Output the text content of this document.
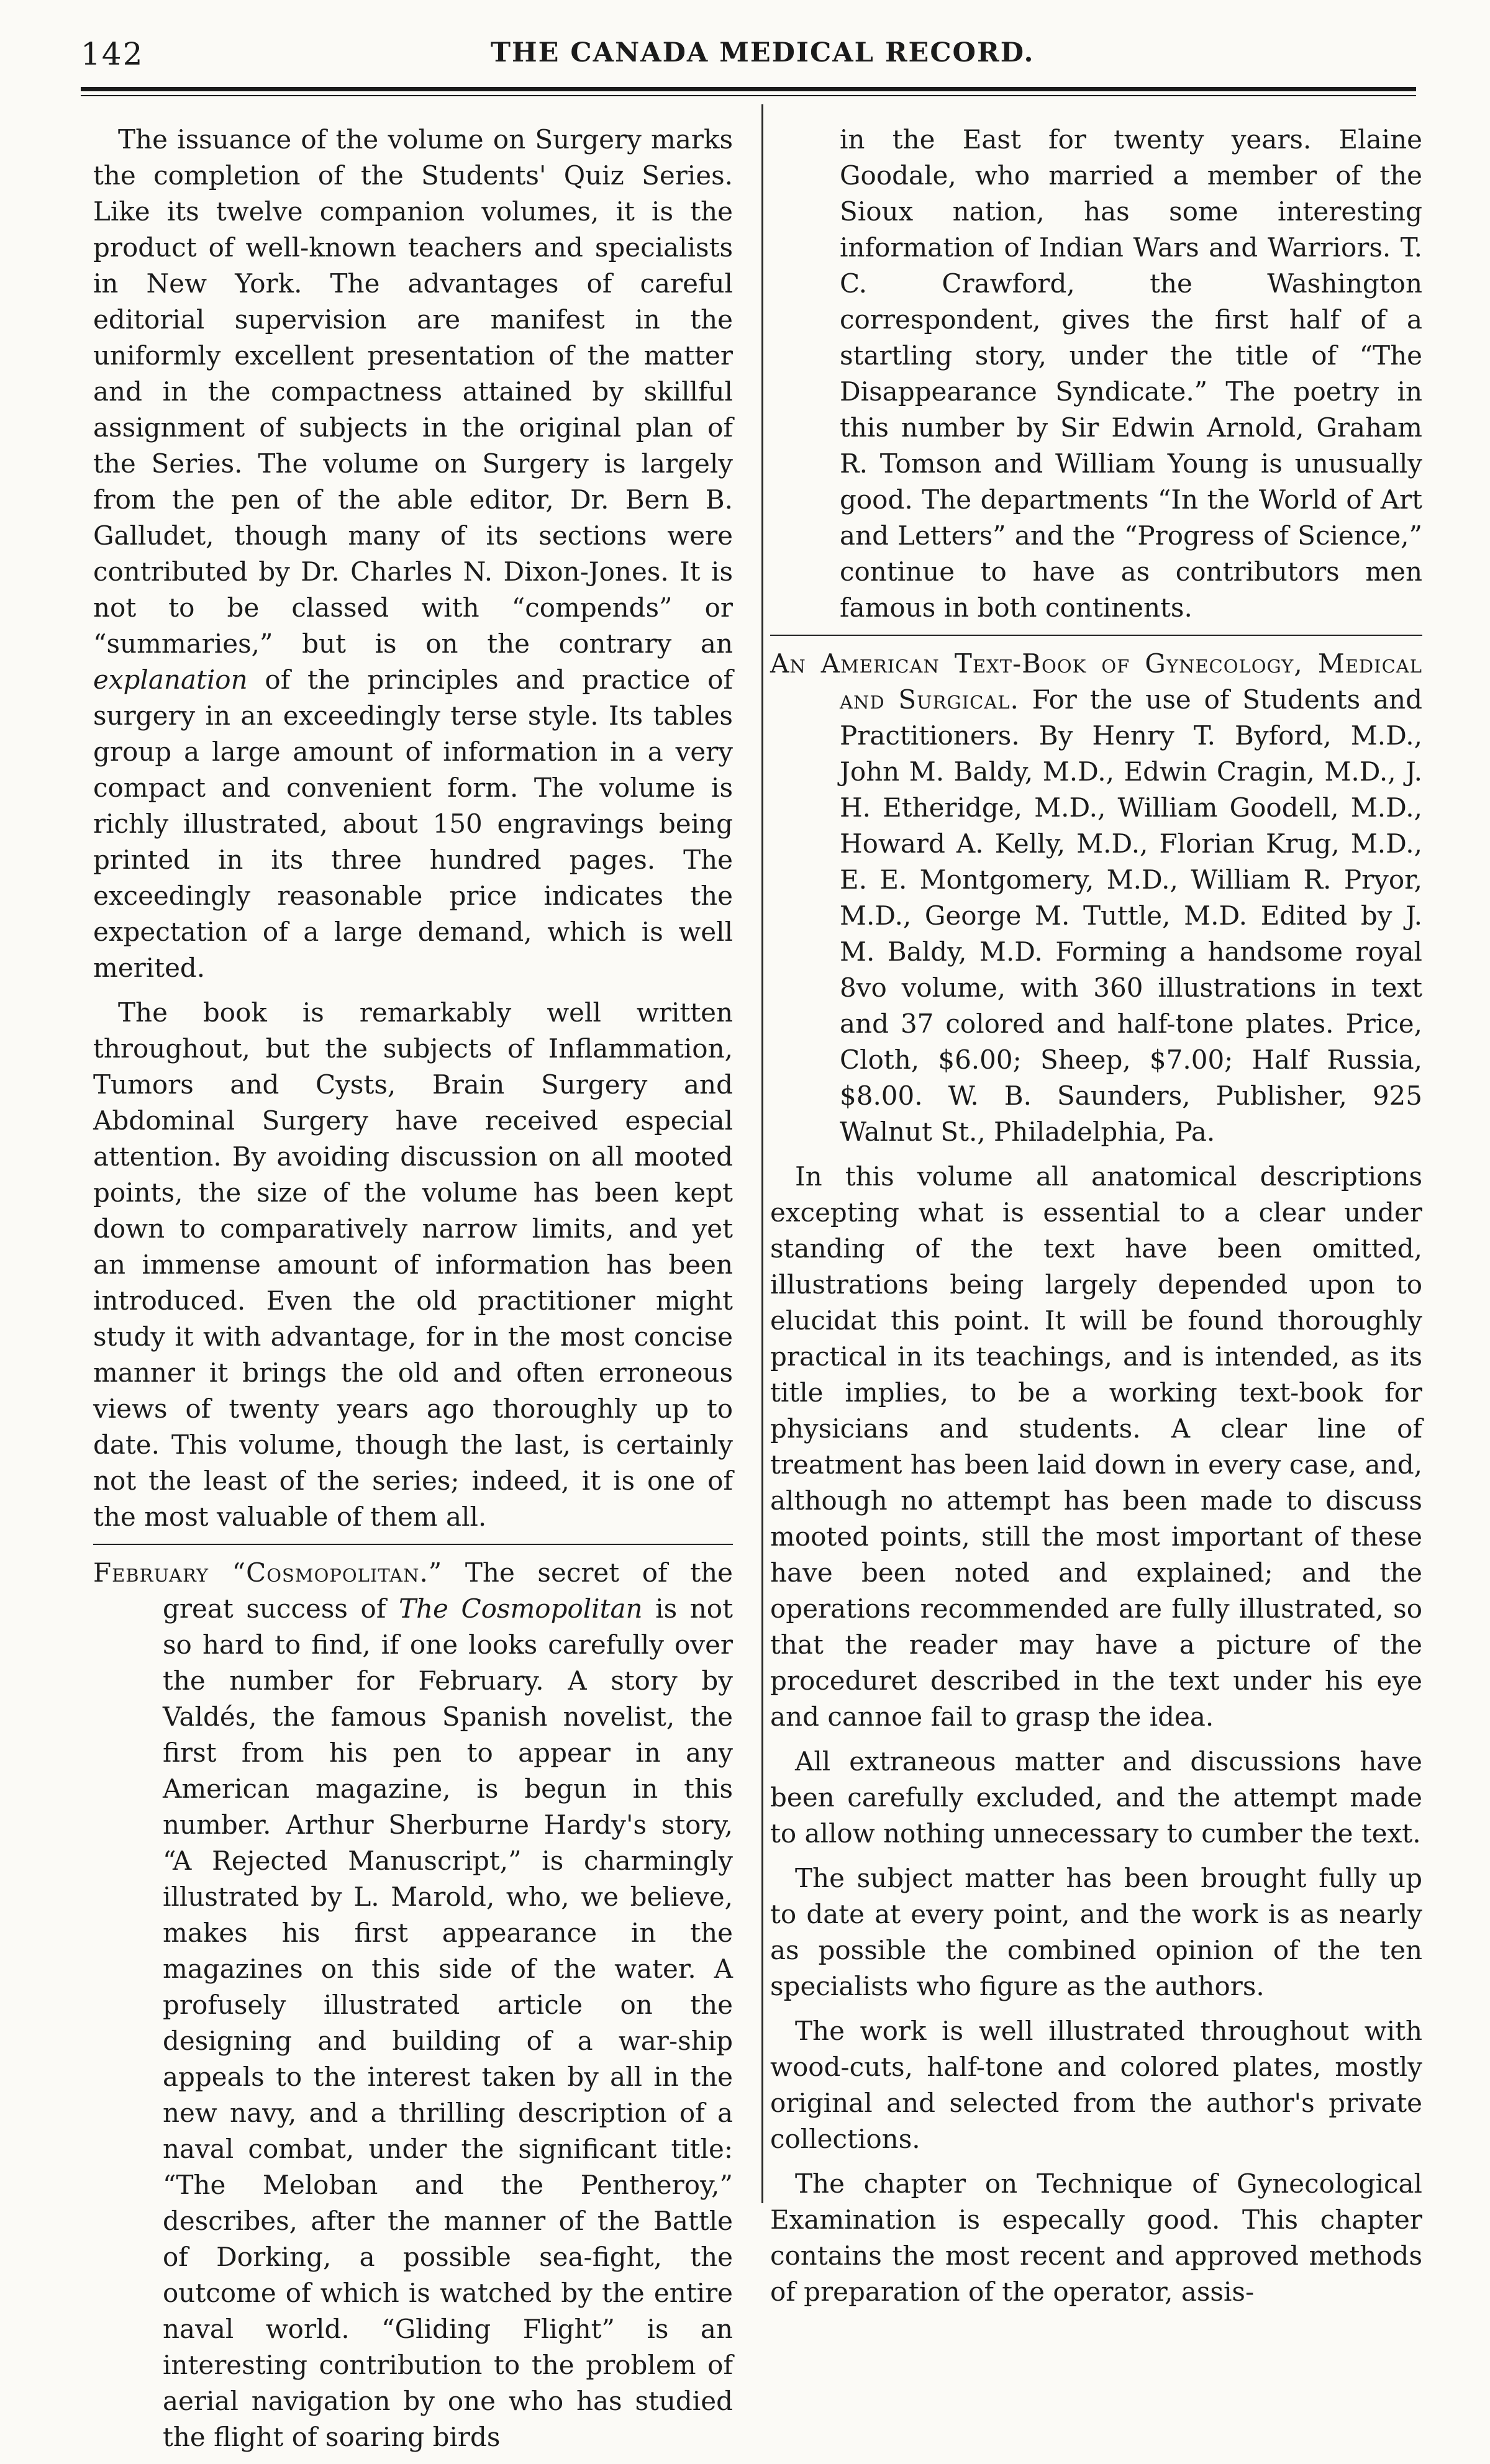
142	THE CANADA MEDICAL RECORD.

The issuance of the volume on Surgery marks the completion of the Students' Quiz Series. Like its twelve companion volumes, it is the product of well-known teachers and specialists in New York. The advantages of careful editorial supervision are manifest in the uniformly excellent presentation of the matter and in the compactness attained by skillful assignment of subjects in the original plan of the Series. The volume on Surgery is largely from the pen of the able editor, Dr. Bern B. Galludet, though many of its sections were contributed by Dr. Charles N. Dixon-Jones. It is not to be classed with “compends” or “summaries,” but is on the contrary an explanation of the principles and practice of surgery in an exceedingly terse style. Its tables group a large amount of information in a very compact and convenient form. The volume is richly illustrated, about 150 engravings being printed in its three hundred pages. The exceedingly reasonable price indicates the expectation of a large demand, which is well merited.

The book is remarkably well written throughout, but the subjects of Inflammation, Tumors and Cysts, Brain Surgery and Abdominal Surgery have received especial attention. By avoiding discussion on all mooted points, the size of the volume has been kept down to comparatively narrow limits, and yet an immense amount of information has been introduced. Even the old practitioner might study it with advantage, for in the most concise manner it brings the old and often erroneous views of twenty years ago thoroughly up to date. This volume, though the last, is certainly not the least of the series; indeed, it is one of the most valuable of them all.

February “Cosmopolitan.” The secret of the great success of The Cosmopolitan is not so hard to find, if one looks carefully over the number for February. A story by Valdés, the famous Spanish novelist, the first from his pen to appear in any American magazine, is begun in this number. Arthur Sherburne Hardy's story, “A Rejected Manuscript,” is charmingly illustrated by L. Marold, who, we believe, makes his first appearance in the magazines on this side of the water. A profusely illustrated article on the designing and building of a war-ship appeals to the interest taken by all in the new navy, and a thrilling description of a naval combat, under the significant title: “The Meloban and the Pentheroy,” describes, after the manner of the Battle of Dorking, a possible sea-fight, the outcome of which is watched by the entire naval world. “Gliding Flight” is an interesting contribution to the problem of aerial navigation by one who has studied the flight of soaring birds

in the East for twenty years. Elaine Goodale, who married a member of the Sioux nation, has some interesting information of Indian Wars and Warriors. T. C. Crawford, the Washington correspondent, gives the first half of a startling story, under the title of “The Disappearance Syndicate.” The poetry in this number by Sir Edwin Arnold, Graham R. Tomson and William Young is unusually good. The departments “In the World of Art and Letters” and the “Progress of Science,” continue to have as contributors men famous in both continents.

An American Text-Book of Gynecology, Medical and Surgical. For the use of Students and Practitioners. By Henry T. Byford, M.D., John M. Baldy, M.D., Edwin Cragin, M.D., J. H. Etheridge, M.D., William Goodell, M.D., Howard A. Kelly, M.D., Florian Krug, M.D., E. E. Montgomery, M.D., William R. Pryor, M.D., George M. Tuttle, M.D. Edited by J. M. Baldy, M.D. Forming a handsome royal 8vo volume, with 360 illustrations in text and 37 colored and half-tone plates. Price, Cloth, $6.00; Sheep, $7.00; Half Russia, $8.00. W. B. Saunders, Publisher, 925 Walnut St., Philadelphia, Pa.

In this volume all anatomical descriptions excepting what is essential to a clear under standing of the text have been omitted, illustrations being largely depended upon to elucidat this point. It will be found thoroughly practical in its teachings, and is intended, as its title implies, to be a working text-book for physicians and students. A clear line of treatment has been laid down in every case, and, although no attempt has been made to discuss mooted points, still the most important of these have been noted and explained; and the operations recommended are fully illustrated, so that the reader may have a picture of the proceduret described in the text under his eye and cannoe fail to grasp the idea.

All extraneous matter and discussions have been carefully excluded, and the attempt made to allow nothing unnecessary to cumber the text.

The subject matter has been brought fully up to date at every point, and the work is as nearly as possible the combined opinion of the ten specialists who figure as the authors.

The work is well illustrated throughout with wood-cuts, half-tone and colored plates, mostly original and selected from the author's private collections.

The chapter on Technique of Gynecological Examination is especally good. This chapter contains the most recent and approved methods of preparation of the operator, assis-
